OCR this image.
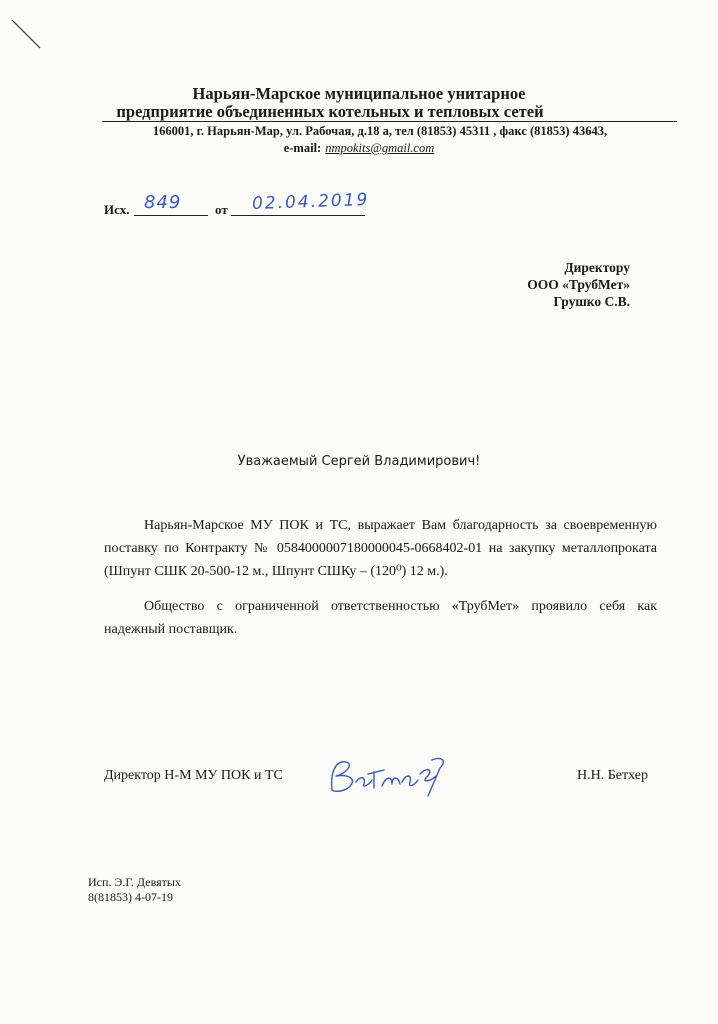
Нарьян-Марское муниципальное унитарное
предприятие объединенных котельных и тепловых сетей
166001, г. Нарьян-Мар, ул. Рабочая, д.18 а, тел (81853) 45311 , факс (81853) 43643,
e-mail: nmpokits@gmail.com
Исх. 849	от 02.04.2019
Директору
ООО «ТрубМет»
Грушко С.В.
Уважаемый Сергей Владимирович!

Нарьян-Марское МУ ПОК и ТС, выражает Вам благодарность за своевременную поставку по Контракту № 0584000007180000045-0668402-01 на закупку металлопроката (Шпунт СШК 20-500-12 м., Шпунт СШКу – (120⁰) 12 м.).

Общество с ограниченной ответственностью «ТрубМет» проявило себя как надежный поставщик.

Директор Н-М МУ ПОК и ТС	Н.Н. Бетхер
Исп. Э.Г. Девятых
8(81853) 4-07-19
